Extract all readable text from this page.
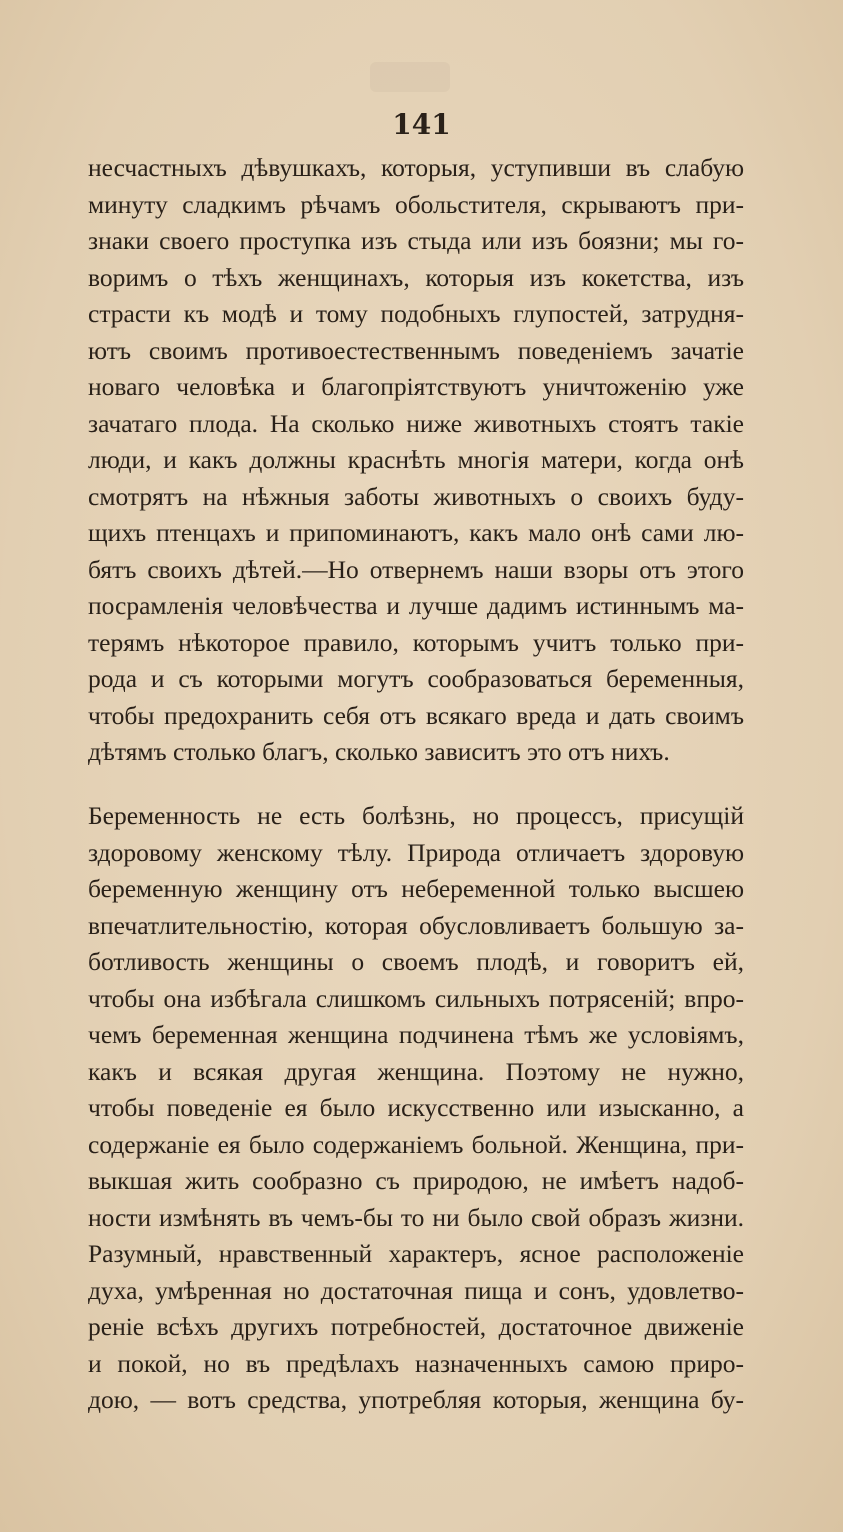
141
несчастныхъ дѣвушкахъ, которыя, уступивши въ слабую
минуту сладкимъ рѣчамъ обольстителя, скрываютъ при-
знаки своего проступка изъ стыда или изъ боязни; мы го-
воримъ о тѣхъ женщинахъ, которыя изъ кокетства, изъ
страсти къ модѣ и тому подобныхъ глупостей, затрудня-
ютъ своимъ противоестественнымъ поведенiемъ зачатiе
новаго человѣка и благопрiятствуютъ уничтоженiю уже
зачатаго плода. На сколько ниже животныхъ стоятъ такiе
люди, и какъ должны краснѣть многiя матери, когда онѣ
смотрятъ на нѣжныя заботы животныхъ о своихъ буду-
щихъ птенцахъ и припоминаютъ, какъ мало онѣ сами лю-
бятъ своихъ дѣтей.—Но отвернемъ наши взоры отъ этого
посрамленiя человѣчества и лучше дадимъ истиннымъ ма-
терямъ нѣкоторое правило, которымъ учитъ только при-
рода и съ которыми могутъ сообразоваться беременныя,
чтобы предохранить себя отъ всякаго вреда и дать своимъ
дѣтямъ столько благъ, сколько зависитъ это отъ нихъ.
Беременность не есть болѣзнь, но процессъ, присущiй
здоровому женскому тѣлу. Природа отличаетъ здоровую
беременную женщину отъ небеременной только высшею
впечатлительностiю, которая обусловливаетъ большую за-
ботливость женщины о своемъ плодѣ, и говоритъ ей,
чтобы она избѣгала слишкомъ сильныхъ потрясенiй; впро-
чемъ беременная женщина подчинена тѣмъ же условiямъ,
какъ и всякая другая женщина. Поэтому не нужно,
чтобы поведенiе ея было искусственно или изысканно, а
содержанiе ея было содержанiемъ больной. Женщина, при-
выкшая жить сообразно съ природою, не имѣетъ надоб-
ности измѣнять въ чемъ-бы то ни было свой образъ жизни.
Разумный, нравственный характеръ, ясное расположенiе
духа, умѣренная но достаточная пища и сонъ, удовлетво-
ренiе всѣхъ другихъ потребностей, достаточное движенiе
и покой, но въ предѣлахъ назначенныхъ самою приро-
дою, — вотъ средства, употребляя которыя, женщина бу-
